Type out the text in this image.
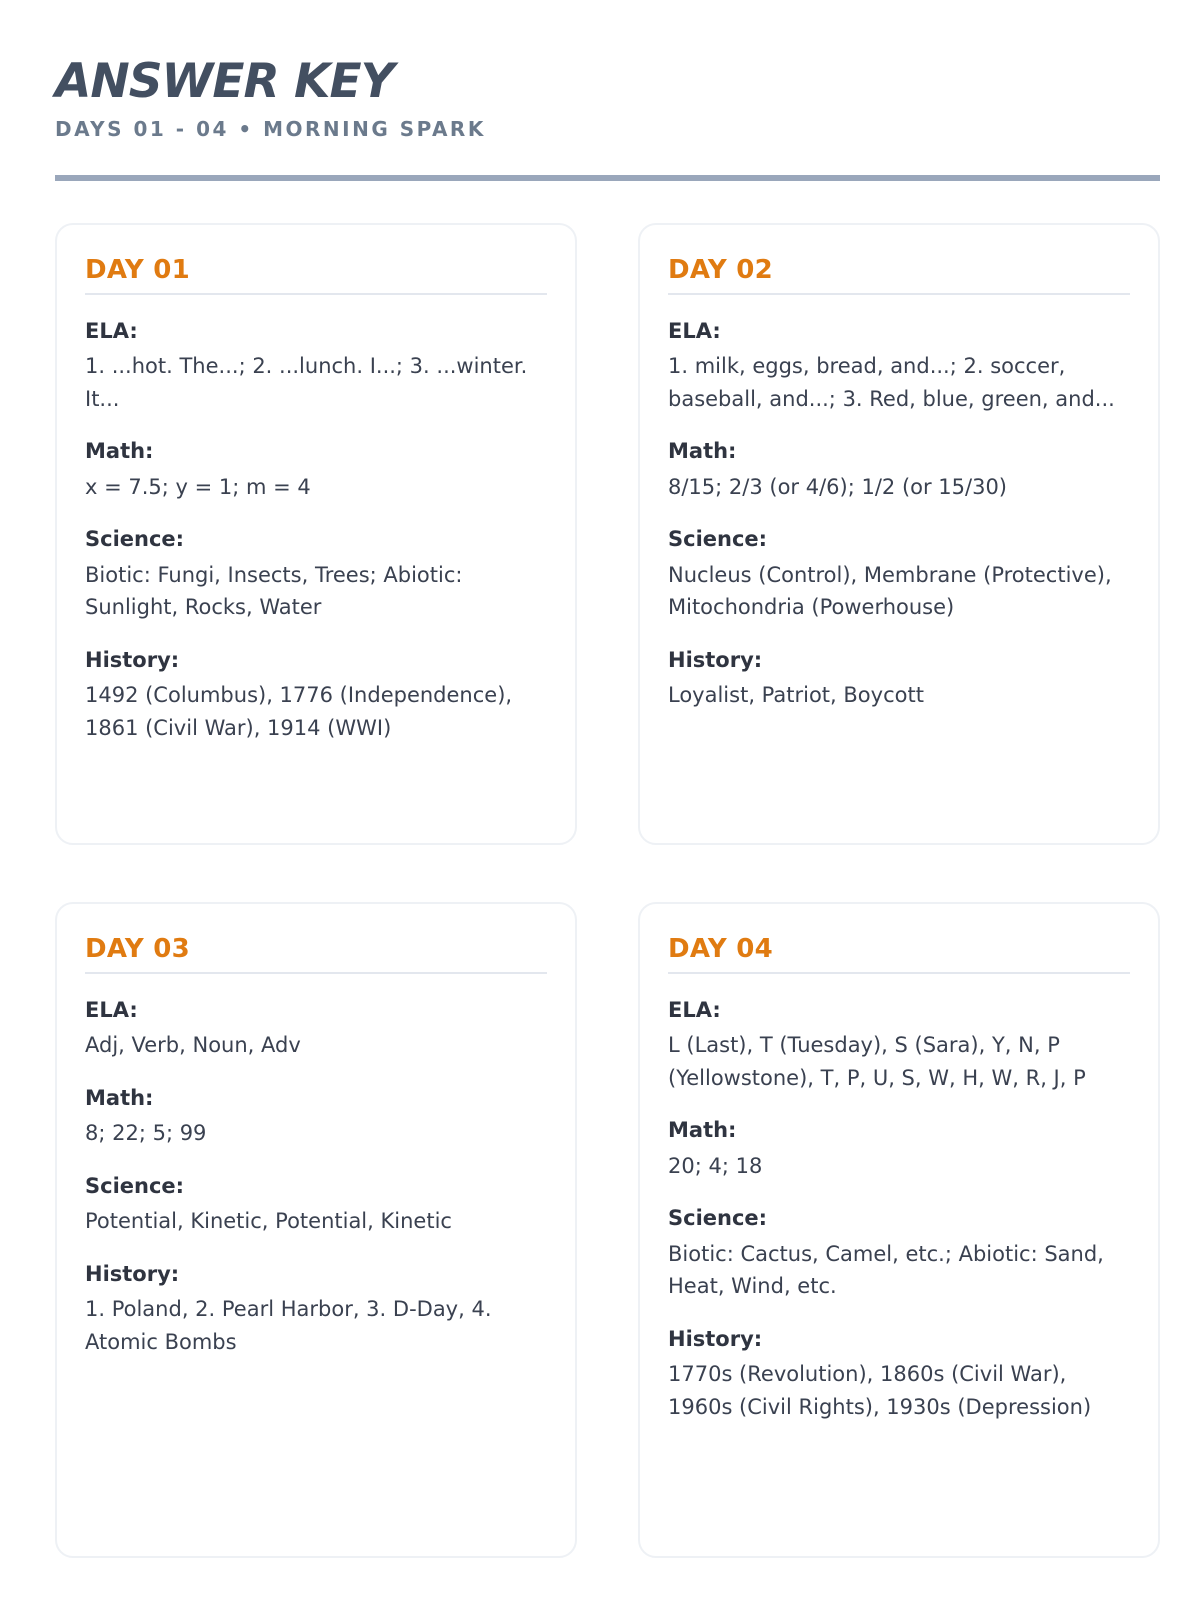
ANSWER KEY
DAYS 01 - 04 • MORNING SPARK
DAY 01
ELA:
1. ...hot. The...; 2. ...lunch. I...; 3. ...winter. It...
Math:
x = 7.5; y = 1; m = 4
Science:
Biotic: Fungi, Insects, Trees; Abiotic: Sunlight, Rocks, Water
History:
1492 (Columbus), 1776 (Independence), 1861 (Civil War), 1914 (WWI)
DAY 02
ELA:
1. milk, eggs, bread, and...; 2. soccer, baseball, and...; 3. Red, blue, green, and...
Math:
8/15; 2/3 (or 4/6); 1/2 (or 15/30)
Science:
Nucleus (Control), Membrane (Protective), Mitochondria (Powerhouse)
History:
Loyalist, Patriot, Boycott
DAY 03
ELA:
Adj, Verb, Noun, Adv
Math:
8; 22; 5; 99
Science:
Potential, Kinetic, Potential, Kinetic
History:
1. Poland, 2. Pearl Harbor, 3. D-Day, 4. Atomic Bombs
DAY 04
ELA:
L (Last), T (Tuesday), S (Sara), Y, N, P (Yellowstone), T, P, U, S, W, H, W, R, J, P
Math:
20; 4; 18
Science:
Biotic: Cactus, Camel, etc.; Abiotic: Sand, Heat, Wind, etc.
History:
1770s (Revolution), 1860s (Civil War), 1960s (Civil Rights), 1930s (Depression)
